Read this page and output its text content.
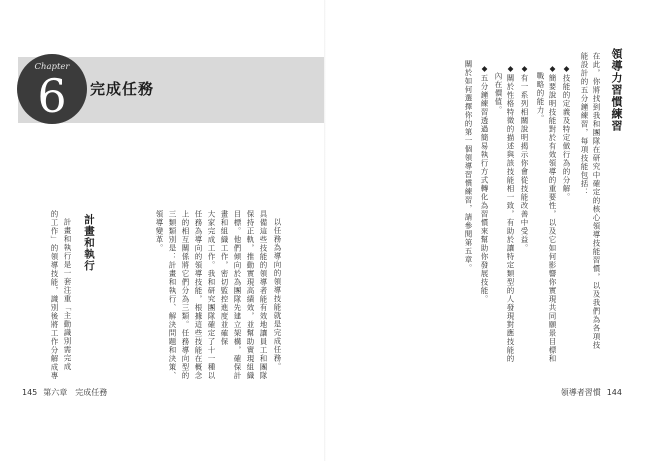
Chapter
6	完成任務	領導力習慣練習
在此，你將找到我和團隊在研究中確定的核心領導技能習慣，以及我們為各項技
能設計的五分鐘練習，每項技能包括：
◆技能的定義及特定做行為的分解。
◆簡要說明技能對於有效領導的重要性，以及它如何影響你實現共同願景目標和
戰略的能力。
◆有一系列相關說明揭示你會從技能改善中受益。
◆關於性格特徵的描述與該技能相一致，有助於讓特定類型的人發現對應技能的
內在價值。
◆五分鐘練習透過簡易執行方式轉化為習慣來幫助你發展技能。
關於如何選擇你的第一個領導習慣練習，請參閱第五章。
以任務為導向的領導技能就是完成任務。
具備這些技能的領導者能有效地讓員工和團隊
保持正軌，推動實現高績效，並幫助實現組織
目標。他們傾向於為團隊先建立架構，確保計
畫和組織工作，密切監控進度並確保
大家完成工作。我和研究團隊確定了十一種以
任務為導向的領導技能，根據這些技能在概念
上的相互關係將它們分為三類。任務導向型的
三類類別是：計畫和執行、解決問題和決策、
領導變革。
計畫和執行
計畫和執行是一套注重「主動識別需完成
的工作」的領導技能，識別後將工作分解成專
145 第六章　完成任務	領導者習慣 144
